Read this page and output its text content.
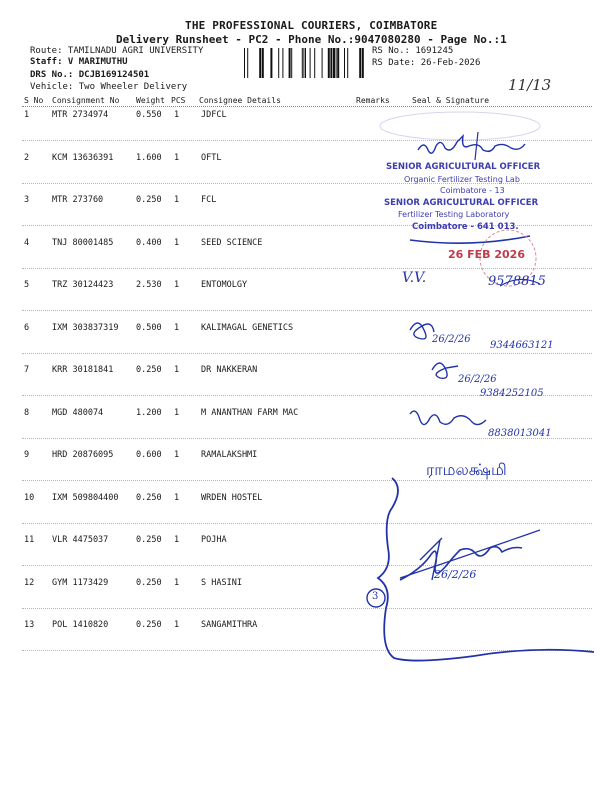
THE PROFESSIONAL COURIERS, COIMBATORE
Delivery Runsheet - PC2 - Phone No.:9047080280 - Page No.:1
Route: TAMILNADU AGRI UNIVERSITY
Staff: V MARIMUTHU
DRS No.: DCJB169124501
Vehicle: Two Wheeler Delivery
RS No.: 1691245
RS Date: 26-Feb-2026
11/13
S No Consignment No Weight PCS Consignee Details	Remarks	Seal & Signature
1	MTR 2734974	0.550 1	JDFCL
2	KCM 13636391	1.600 1	OFTL
3	MTR 273760	0.250 1	FCL
4	TNJ 80001485	0.400 1	SEED SCIENCE
5	TRZ 30124423	2.530 1	ENTOMOLGY
6	IXM 303837319 0.500 1	KALIMAGAL GENETICS
7	KRR 30181841	0.250 1	DR NAKKERAN
8	MGD 480074	1.200 1	M ANANTHAN FARM MAC
9	HRD 20876095	0.600 1	RAMALAKSHMI
10 IXM 509804400 0.250 1	WRDEN HOSTEL
11 VLR 4475037	0.250 1	POJHA
12 GYM 1173429	0.250 1	S HASINI
13 POL 1410820	0.250 1	SANGAMITHRA
SENIOR AGRICULTURAL OFFICER
Organic Fertilizer Testing Lab
Coimbatore - 13
SENIOR AGRICULTURAL OFFICER
Fertilizer Testing Laboratory
Coimbatore - 641 013.
26 FEB 2026
V.V.	9578815
26/2/26
9344663121
26/2/26
9384252105
8838013041
ராமலக்ஷ்மி
26/2/26
3
